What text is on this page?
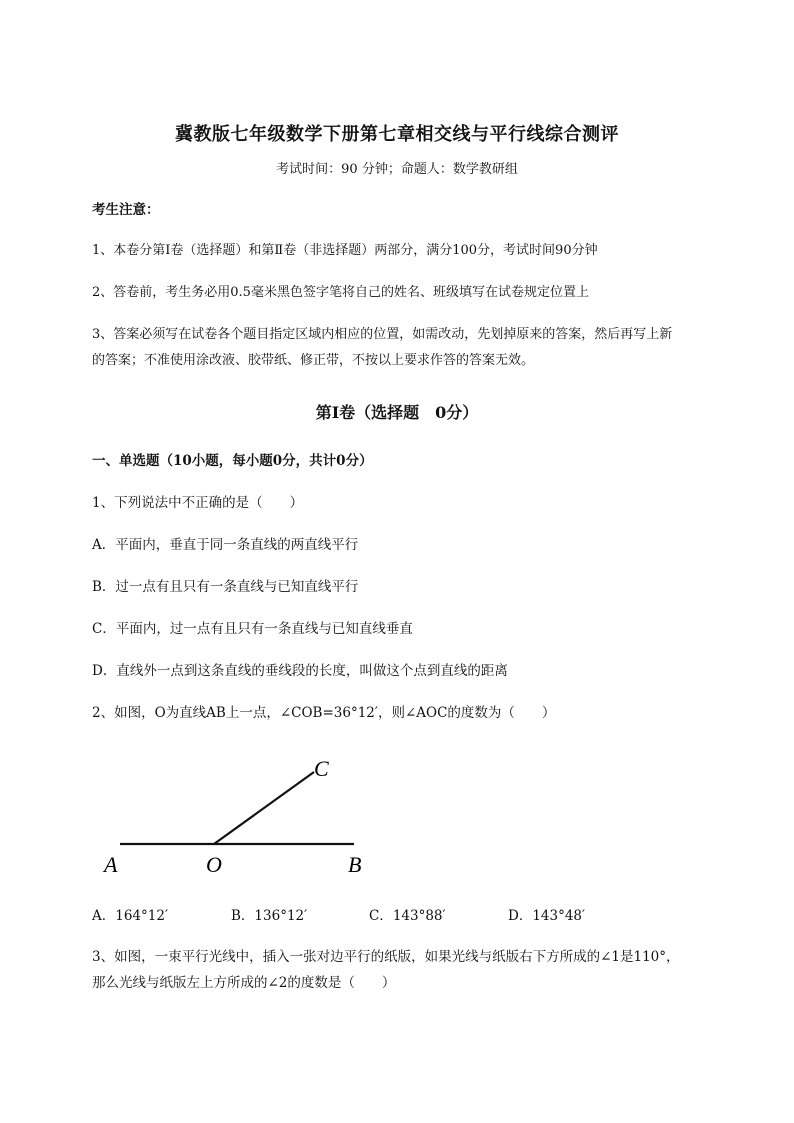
冀教版七年级数学下册第七章相交线与平行线综合测评
考试时间：90 分钟；命题人：数学教研组
考生注意：
1、本卷分第I卷（选择题）和第Ⅱ卷（非选择题）两部分，满分100分，考试时间90分钟
2、答卷前，考生务必用0.5毫米黑色签字笔将自己的姓名、班级填写在试卷规定位置上
3、答案必须写在试卷各个题目指定区域内相应的位置，如需改动，先划掉原来的答案，然后再写上新
的答案；不准使用涂改液、胶带纸、修正带，不按以上要求作答的答案无效。
第I卷（选择题　0分）
一、单选题（10小题，每小题0分，共计0分）
1、下列说法中不正确的是（　　）
A．平面内，垂直于同一条直线的两直线平行
B．过一点有且只有一条直线与已知直线平行
C．平面内，过一点有且只有一条直线与已知直线垂直
D．直线外一点到这条直线的垂线段的长度，叫做这个点到直线的距离
2、如图，O为直线AB上一点，∠COB=36°12′，则∠AOC的度数为（　　）
A	O	B
C
A．164°12′	B．136°12′	C．143°88′	D．143°48′
3、如图，一束平行光线中，插入一张对边平行的纸版，如果光线与纸版右下方所成的∠1是110°，
那么光线与纸版左上方所成的∠2的度数是（　　）
